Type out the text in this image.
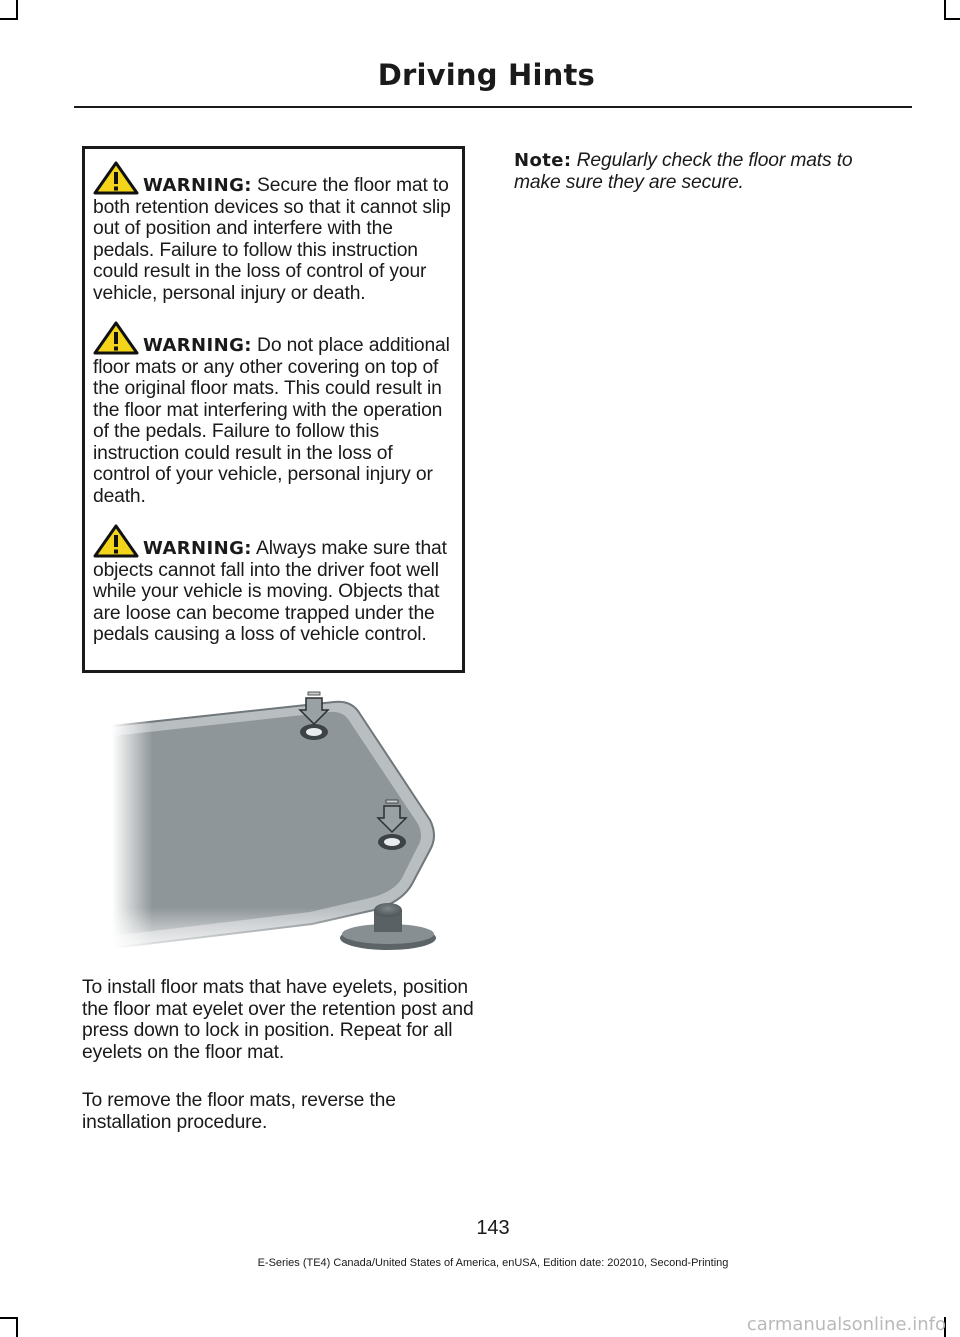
Driving Hints

WARNING: Secure the floor mat to both retention devices so that it cannot slip out of position and interfere with the pedals. Failure to follow this instruction could result in the loss of control of your vehicle, personal injury or death.

WARNING: Do not place additional floor mats or any other covering on top of the original floor mats. This could result in the floor mat interfering with the operation of the pedals. Failure to follow this instruction could result in the loss of control of your vehicle, personal injury or death.

WARNING: Always make sure that objects cannot fall into the driver foot well while your vehicle is moving. Objects that are loose can become trapped under the pedals causing a loss of vehicle control.

To install floor mats that have eyelets, position the floor mat eyelet over the retention post and press down to lock in position. Repeat for all eyelets on the floor mat.

To remove the floor mats, reverse the installation procedure.

Note: Regularly check the floor mats to make sure they are secure.

143
E-Series (TE4) Canada/United States of America, enUSA, Edition date: 202010, Second-Printing
carmanualsonline.info
